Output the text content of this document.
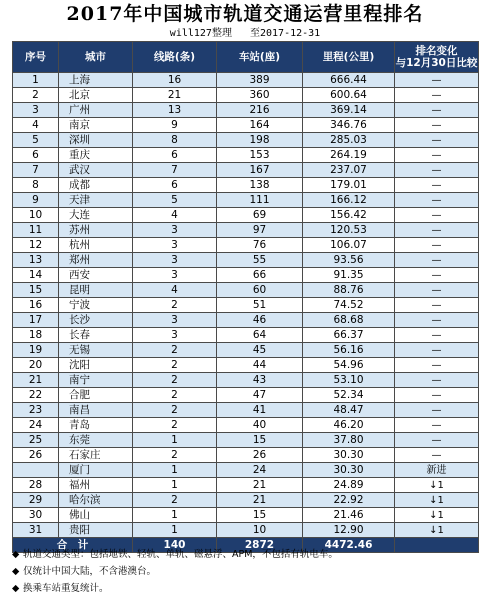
2017年中国城市轨道交通运营里程排名
will127整理 至2017-12-31
序号	城市	线路(条)	车站(座)	里程(公里)	排名变化
与12月30日比较
1	上海	16	389	666.44	—
2	北京	21	360	600.64	—
3	广州	13	216	369.14	—
4	南京	9	164	346.76	—
5	深圳	8	198	285.03	—
6	重庆	6	153	264.19	—
7	武汉	7	167	237.07	—
8	成都	6	138	179.01	—
9	天津	5	111	166.12	—
10	大连	4	69	156.42	—
11	苏州	3	97	120.53	—
12	杭州	3	76	106.07	—
13	郑州	3	55	93.56	—
14	西安	3	66	91.35	—
15	昆明	4	60	88.76	—
16	宁波	2	51	74.52	—
17	长沙	3	46	68.68	—
18	长春	3	64	66.37	—
19	无锡	2	45	56.16	—
20	沈阳	2	44	54.96	—
21	南宁	2	43	53.10	—
22	合肥	2	47	52.34	—
23	南昌	2	41	48.47	—
24	青岛	2	40	46.20	—
25	东莞	1	15	37.80	—
26	石家庄	2	26	30.30	—
	厦门	1	24	30.30	新进
28	福州	1	21	24.89	↓1
29	哈尔滨	2	21	22.92	↓1
30	佛山	1	15	21.46	↓1
31	贵阳	1	10	12.90	↓1
合　计		140	2872	4472.46	
◆ 轨道交通类型：包括地铁、轻轨、单轨、磁悬浮、APM，不包括有轨电车。
◆ 仅统计中国大陆，不含港澳台。
◆ 换乘车站重复统计。
